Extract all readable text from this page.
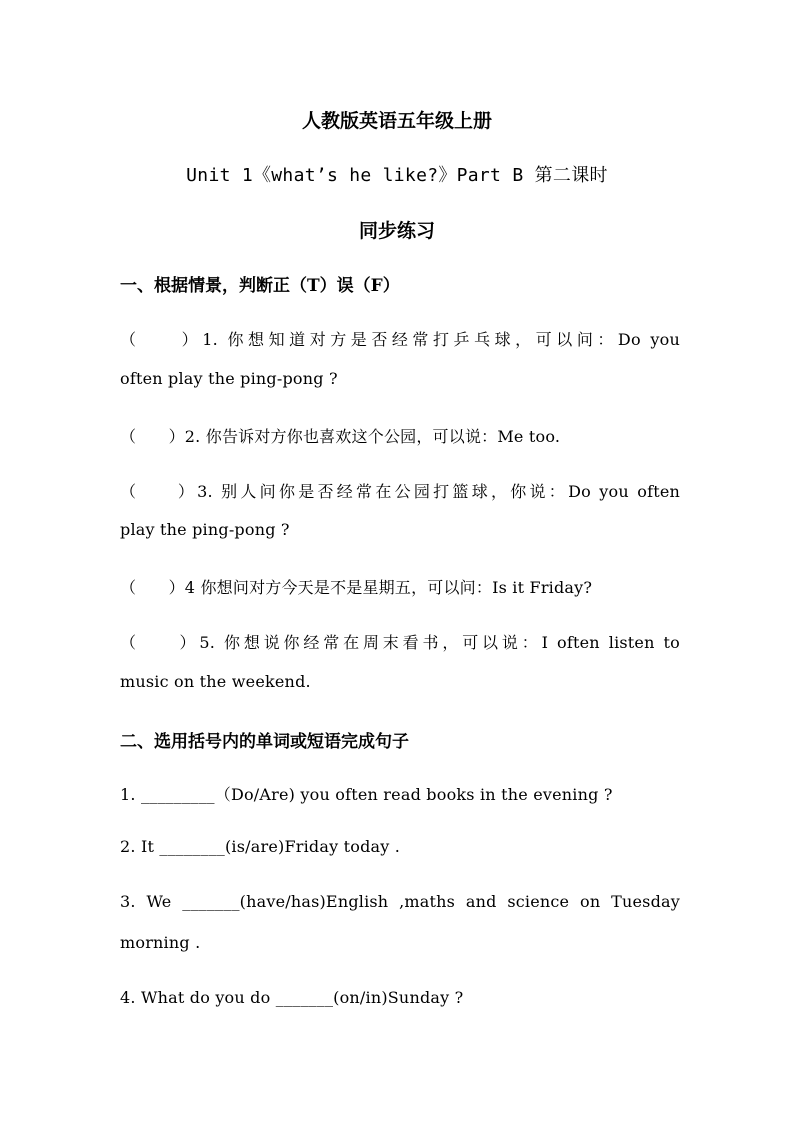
人教版英语五年级上册
Unit 1《what’s he like?》Part B 第二课时
同步练习
一、根据情景，判断正（T）误（F）
（　　）1. 你想知道对方是否经常打乒乓球，可以问：Do you
often play the ping-pong ?
（　　）2. 你告诉对方你也喜欢这个公园，可以说：Me too.
（　　）3. 别人问你是否经常在公园打篮球，你说：Do you often
play the ping-pong ?
（　　）4 你想问对方今天是不是星期五，可以问：Is it Friday?
（　　）5. 你想说你经常在周末看书，可以说：I often listen to
music on the weekend.
二、选用括号内的单词或短语完成句子
1. _________（Do/Are) you often read books in the evening ?
2. It ________(is/are)Friday today .
3. We _______(have/has)English ,maths and science on Tuesday
morning .
4. What do you do _______(on/in)Sunday ?
